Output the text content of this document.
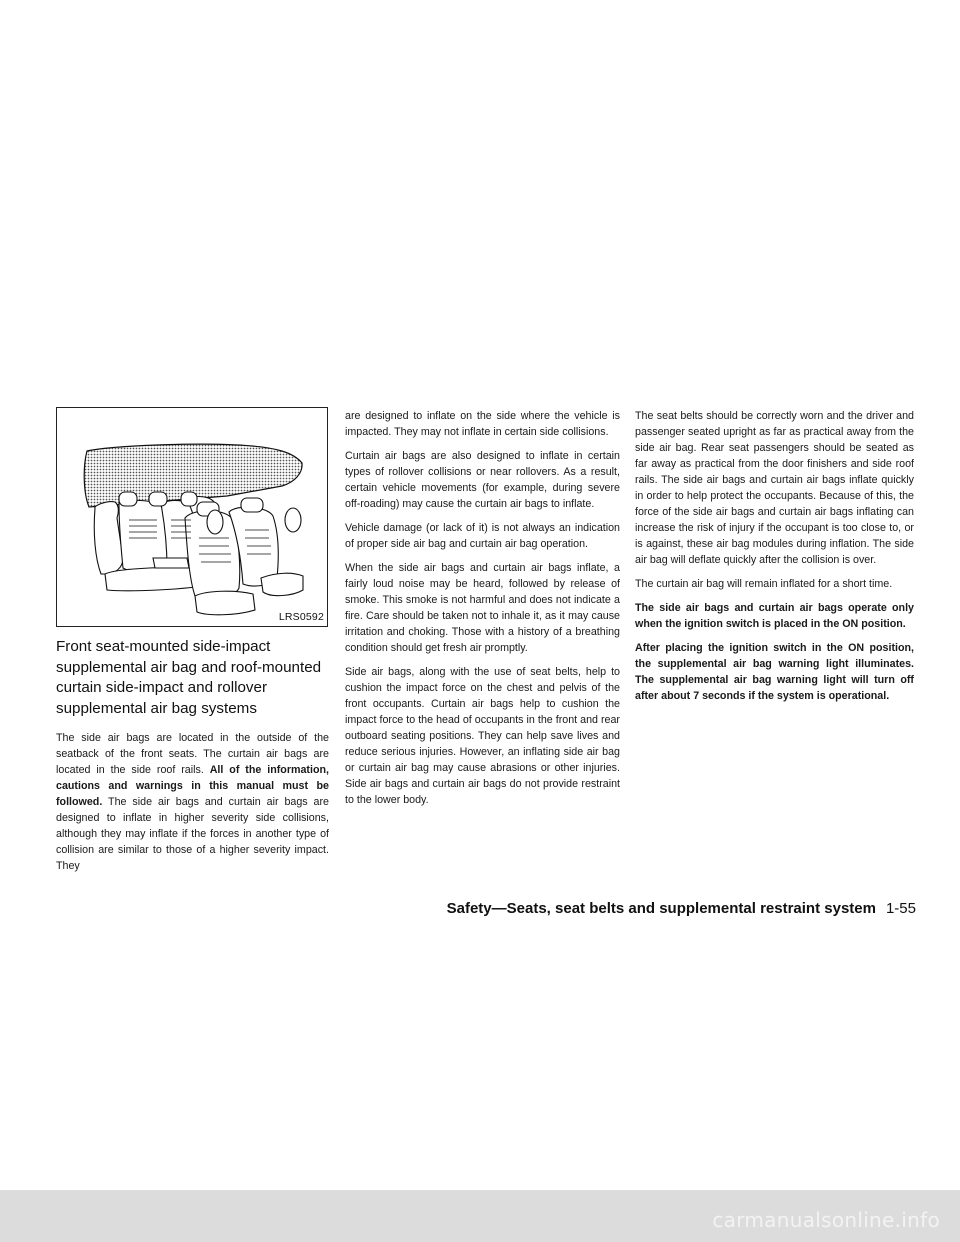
LRS0592
Front seat-mounted side-impact supplemental air bag and roof-mounted curtain side-impact and rollover supplemental air bag systems

The side air bags are located in the outside of the seatback of the front seats. The curtain air bags are located in the side roof rails. All of the information, cautions and warnings in this manual must be followed. The side air bags and curtain air bags are designed to inflate in higher severity side collisions, although they may inflate if the forces in another type of collision are similar to those of a higher severity impact. They

are designed to inflate on the side where the vehicle is impacted. They may not inflate in certain side collisions.

Curtain air bags are also designed to inflate in certain types of rollover collisions or near rollovers. As a result, certain vehicle movements (for example, during severe off-roading) may cause the curtain air bags to inflate.

Vehicle damage (or lack of it) is not always an indication of proper side air bag and curtain air bag operation.

When the side air bags and curtain air bags inflate, a fairly loud noise may be heard, followed by release of smoke. This smoke is not harmful and does not indicate a fire. Care should be taken not to inhale it, as it may cause irritation and choking. Those with a history of a breathing condition should get fresh air promptly.

Side air bags, along with the use of seat belts, help to cushion the impact force on the chest and pelvis of the front occupants. Curtain air bags help to cushion the impact force to the head of occupants in the front and rear outboard seating positions. They can help save lives and reduce serious injuries. However, an inflating side air bag or curtain air bag may cause abrasions or other injuries. Side air bags and curtain air bags do not provide restraint to the lower body.

The seat belts should be correctly worn and the driver and passenger seated upright as far as practical away from the side air bag. Rear seat passengers should be seated as far away as practical from the door finishers and side roof rails. The side air bags and curtain air bags inflate quickly in order to help protect the occupants. Because of this, the force of the side air bags and curtain air bags inflating can increase the risk of injury if the occupant is too close to, or is against, these air bag modules during inflation. The side air bag will deflate quickly after the collision is over.

The curtain air bag will remain inflated for a short time.

The side air bags and curtain air bags operate only when the ignition switch is placed in the ON position.

After placing the ignition switch in the ON position, the supplemental air bag warning light illuminates. The supplemental air bag warning light will turn off after about 7 seconds if the system is operational.

Safety—Seats, seat belts and supplemental restraint system 1-55
carmanualsonline.info
